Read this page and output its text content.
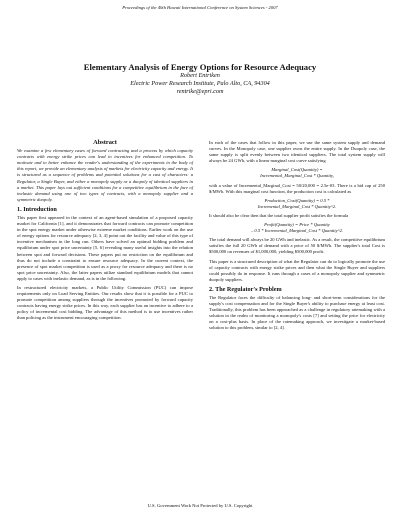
Proceedings of the 40th Hawaii International Conference on System Sciences - 2007
Elementary Analysis of Energy Options for Resource Adequacy
Robert Entriken
Electric Power Research Institute, Palo Alto, CA, 94304
rentrike@epri.com
Abstract

We examine a few elementary cases of forward contracting and a process by which capacity contracts with energy strike prices can lead to incentives for enhanced competition. To motivate and to better enhance the reader's understanding of the experiments in the body of this report, we provide an elementary analysis of markets for electricity capacity and energy. It is structured as a sequence of problems and potential solutions for a cast of characters: a Regulator, a Single Buyer, and either a monopoly supply or a duopoly of identical suppliers in a market. This paper lays out sufficient conditions for a competitive equilibrium in the face of inelastic demand using one of two types of contracts, with a monopoly supplier and a symmetric duopoly.

1. Introduction

This paper first appeared in the context of an agent-based simulation of a proposed capacity market for California [1], and it demonstrates that forward contracts can promote competition in the spot energy market under otherwise extreme market conditions. Earlier work on the use of energy options for resource adequacy [2, 3, 4] point out the facility and value of this type of incentive mechanism in the long run. Others have solved an optimal bidding problem and equilibrium under spot price uncertainty [5, 6] revealing many useful insights into the relation between spot and forward decisions. These papers put no restriction on the equilibrium and thus do not include a constraint to ensure resource adequacy. In the current context, the presence of spot market competition is used as a proxy for resource adequacy and there is no spot price uncertainty. Also, the latter papers utilize standard equilibrium models that cannot apply to cases with inelastic demand, as is in the following.

In restructured electricity markets, a Public Utility Commission (PUC) can impose requirements only on Load Serving Entities. Our results show that it is possible for a PUC to promote competition among suppliers through the incentives promoted by forward capacity contracts having energy strike prices. In this way, each supplier has an incentive to adhere to a policy of incremental cost bidding. The advantage of this method is to use incentives rather than policing as the instrument encouraging competition.

In each of the cases that follow in this paper, we use the same system supply and demand curves. In the Monopoly case, one supplier owns the entire supply. In the Duopoly case, the same supply is split evenly between two identical suppliers. The total system supply will always be 24 GWh, with a linear marginal cost curve satisfying

Marginal_Cost(Quantity) =
Incremental_Marginal_Cost * Quantity,

with a value of Incremental_Marginal_Cost = 50/20,000 = 2.5e-03. There is a bid cap of 250 $/MWh. With this marginal cost function, the production cost is calculated as

Production_Cost(Quantity) = 0.5 *
Incremental_Marginal_Cost * Quantity^2.

It should also be clear then that the total supplier profit satisfies the formula

Profit(Quantity) = Price * Quantity
– 0.5 * Incremental_Marginal_Cost * Quantity^2.

The total demand will always be 20 GWh and inelastic. As a result, the competitive equilibrium satisfies the full 20 GWh of demand with a price of 50 $/MWh. The supplier's total Cost is $500,000 on revenues of $1,000,000, yielding $500,000 profit.

This paper is a structured description of what the Regulator can do to logically promote the use of capacity contracts with energy strike prices and then what the Single Buyer and suppliers could possibly do in response. It runs through a cases of a monopoly supplier and symmetric duopoly suppliers.

2. The Regulator's Problem

The Regulator faces the difficulty of balancing long- and short-term considerations for the supply's cost compensation and for the Single Buyer's ability to purchase energy at least cost. Traditionally, this problem has been approached as a challenge in regulatory ratemaking with a solution in the realm of monitoring a monopoly's costs [7] and setting the price for electricity on a cost-plus basis. In place of the ratemaking approach, we investigate a market-based solution to this problem, similar to [2, 4].

U.S. Government Work Not Protected by U.S. Copyright
